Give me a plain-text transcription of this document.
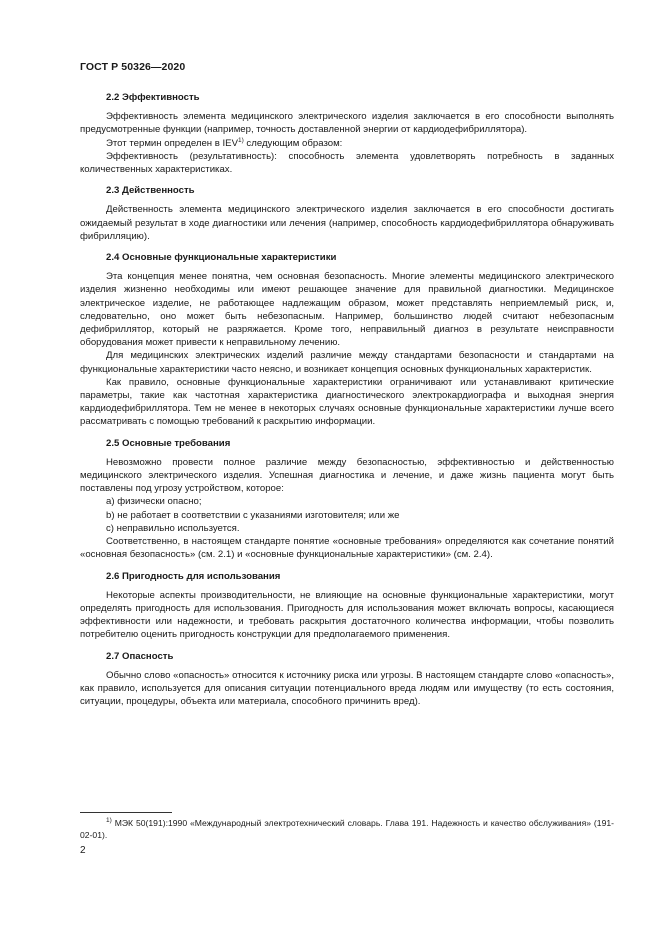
ГОСТ Р 50326—2020
2.2 Эффективность

Эффективность элемента медицинского электрического изделия заключается в его способности выполнять предусмотренные функции (например, точность доставленной энергии от кардиодефибриллятора).

Этот термин определен в IEV$^{1)}$ следующим образом:

Эффективность (результативность): способность элемента удовлетворять потребность в заданных количественных характеристиках.

2.3 Действенность

Действенность элемента медицинского электрического изделия заключается в его способности достигать ожидаемый результат в ходе диагностики или лечения (например, способность кардиодефибриллятора обнаруживать фибрилляцию).

2.4 Основные функциональные характеристики

Эта концепция менее понятна, чем основная безопасность. Многие элементы медицинского электрического изделия жизненно необходимы или имеют решающее значение для правильной диагностики. Медицинское электрическое изделие, не работающее надлежащим образом, может представлять неприемлемый риск, и, следовательно, оно может быть небезопасным. Например, большинство людей считают небезопасным дефибриллятор, который не разряжается. Кроме того, неправильный диагноз в результате неисправности оборудования может привести к неправильному лечению.

Для медицинских электрических изделий различие между стандартами безопасности и стандартами на функциональные характеристики часто неясно, и возникает концепция основных функциональных характеристик.

Как правило, основные функциональные характеристики ограничивают или устанавливают критические параметры, такие как частотная характеристика диагностического электрокардиографа и выходная энергия кардиодефибриллятора. Тем не менее в некоторых случаях основные функциональные характеристики лучше всего рассматривать с помощью требований к раскрытию информации.

2.5 Основные требования

Невозможно провести полное различие между безопасностью, эффективностью и действенностью медицинского электрического изделия. Успешная диагностика и лечение, и даже жизнь пациента могут быть поставлены под угрозу устройством, которое:

a) физически опасно;
b) не работает в соответствии с указаниями изготовителя; или же
c) неправильно используется.

Соответственно, в настоящем стандарте понятие «основные требования» определяются как сочетание понятий «основная безопасность» (см. 2.1) и «основные функциональные характеристики» (см. 2.4).

2.6 Пригодность для использования

Некоторые аспекты производительности, не влияющие на основные функциональные характеристики, могут определять пригодность для использования. Пригодность для использования может включать вопросы, касающиеся эффективности или надежности, и требовать раскрытия достаточного количества информации, чтобы позволить потребителю оценить пригодность конструкции для предполагаемого применения.

2.7 Опасность

Обычно слово «опасность» относится к источнику риска или угрозы. В настоящем стандарте слово «опасность», как правило, используется для описания ситуации потенциального вреда людям или имуществу (то есть состояния, ситуации, процедуры, объекта или материала, способного причинить вред).

$^{1)}$ МЭК 50(191):1990 «Международный электротехнический словарь. Глава 191. Надежность и качество обслуживания» (191-02-01).
2
